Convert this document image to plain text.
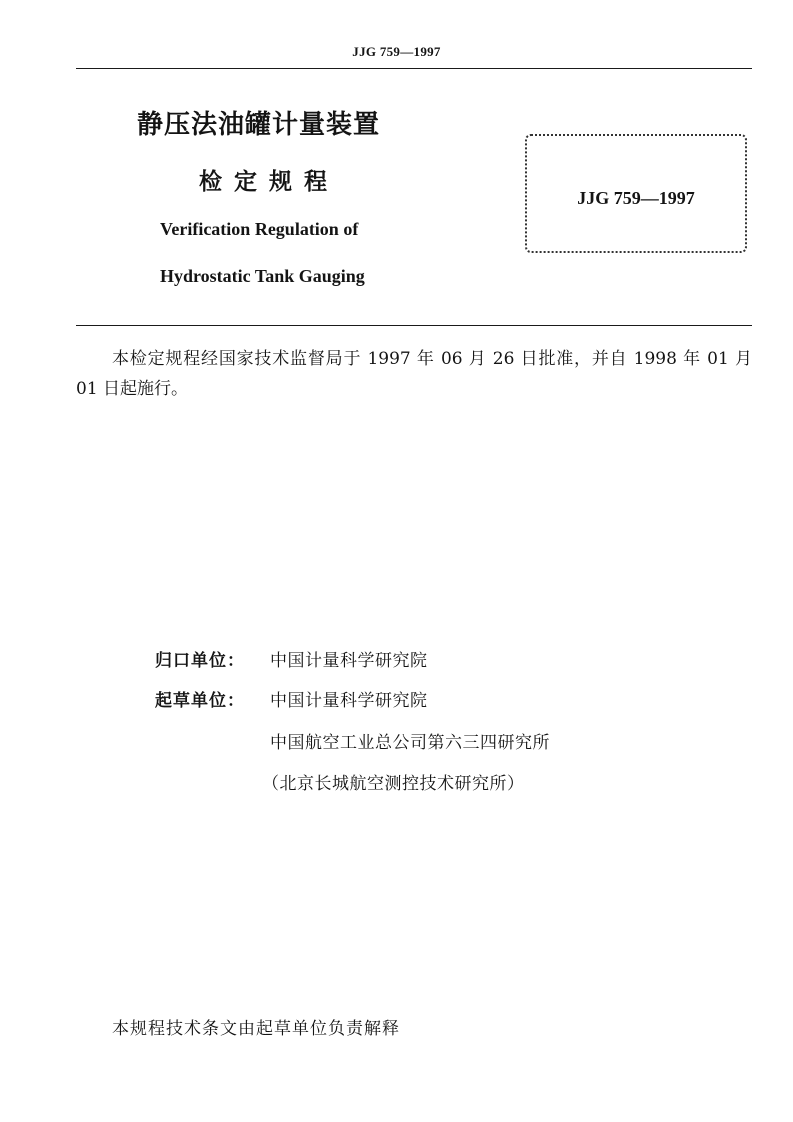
JJG 759—1997
静压法油罐计量装置
检定规程
Verification Regulation of
Hydrostatic Tank Gauging
JJG 759—1997
本检定规程经国家技术监督局于 1997 年 06 月 26 日批准，并自 1998 年 01 月 01 日起施行。
归口单位： 中国计量科学研究院
起草单位： 中国计量科学研究院
中国航空工业总公司第六三四研究所
（北京长城航空测控技术研究所）
本规程技术条文由起草单位负责解释
